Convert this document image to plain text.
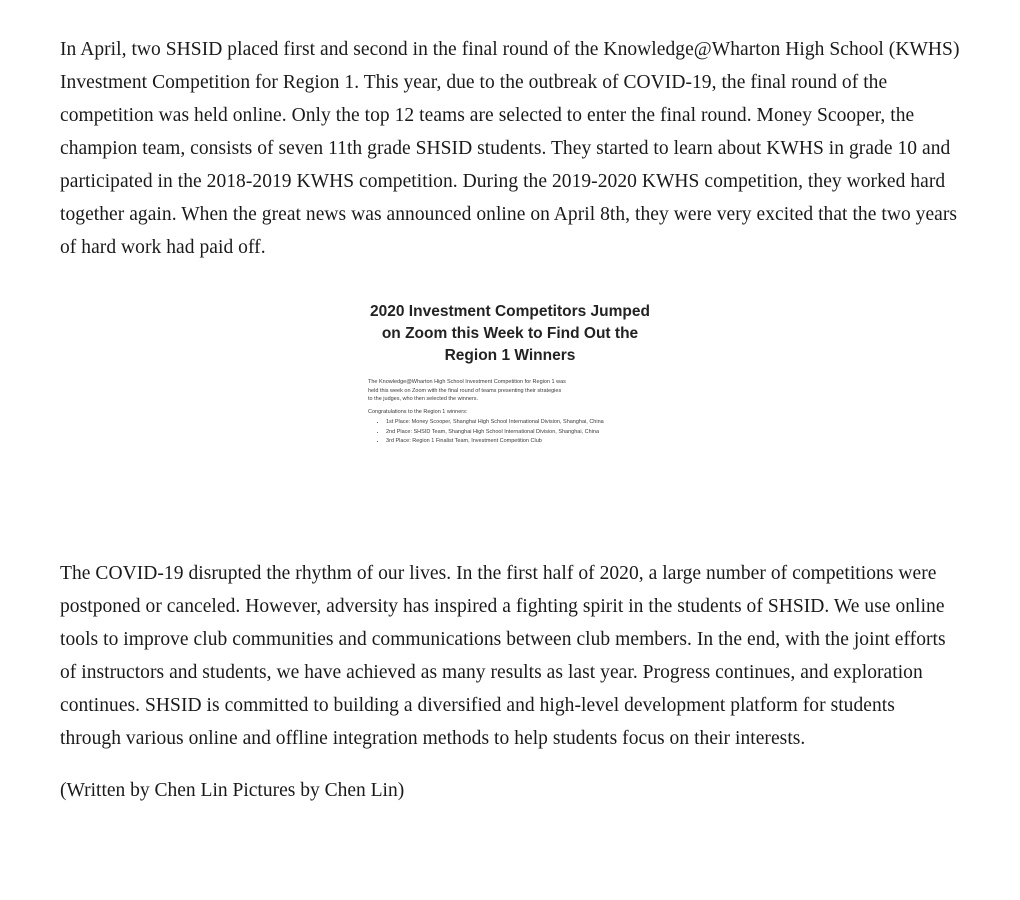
In April, two SHSID placed first and second in the final round of the Knowledge@Wharton High School (KWHS) Investment Competition for Region 1. This year, due to the outbreak of COVID-19, the final round of the competition was held online. Only the top 12 teams are selected to enter the final round. Money Scooper, the champion team, consists of seven 11th grade SHSID students. They started to learn about KWHS in grade 10 and participated in the 2018-2019 KWHS competition. During the 2019-2020 KWHS competition, they worked hard together again. When the great news was announced online on April 8th, they were very excited that the two years of hard work had paid off.

2020 Investment Competitors Jumped
on Zoom this Week to Find Out the
Region 1 Winners

The Knowledge@Wharton High School Investment Competition for Region 1 was

held this week on Zoom with the final round of teams presenting their strategies

to the judges, who then selected the winners.

Congratulations to the Region 1 winners:

• 1st Place: Money Scooper, Shanghai High School International Division, Shanghai, China
• 2nd Place: SHSID Team, Shanghai High School International Division, Shanghai, China
• 3rd Place: Region 1 Finalist Team, Investment Competition Club

The COVID-19 disrupted the rhythm of our lives. In the first half of 2020, a large number of competitions were postponed or canceled. However, adversity has inspired a fighting spirit in the students of SHSID. We use online tools to improve club communities and communications between club members. In the end, with the joint efforts of instructors and students, we have achieved as many results as last year. Progress continues, and exploration continues. SHSID is committed to building a diversified and high-level development platform for students through various online and offline integration methods to help students focus on their interests.

(Written by Chen Lin Pictures by Chen Lin)
